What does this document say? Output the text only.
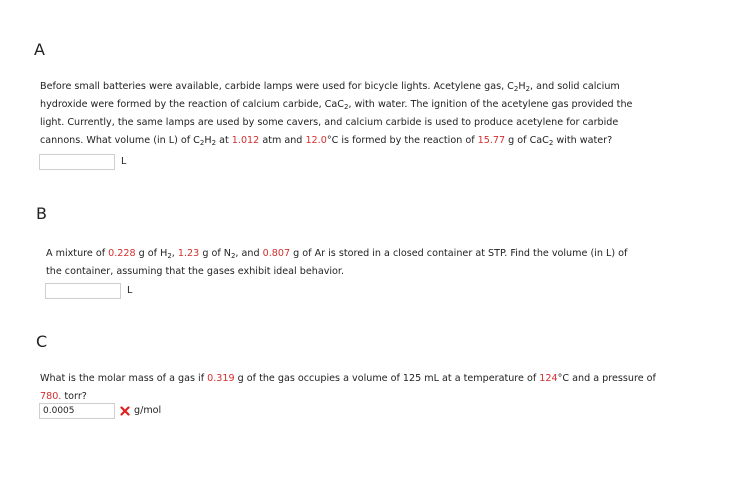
A
Before small batteries were available, carbide lamps were used for bicycle lights. Acetylene gas, $C_2H_2$, and solid calcium
hydroxide were formed by the reaction of calcium carbide, CaC$_2$, with water. The ignition of the acetylene gas provided the
light. Currently, the same lamps are used by some cavers, and calcium carbide is used to produce acetylene for carbide
cannons. What volume (in L) of $C_2H_2$ at 1.012 atm and 12.0°C is formed by the reaction of 15.77 g of CaC$_2$ with water?
L
B
A mixture of 0.228 g of $H_2$, 1.23 g of $N_2$, and 0.807 g of Ar is stored in a closed container at STP. Find the volume (in L) of
the container, assuming that the gases exhibit ideal behavior.
L
C
What is the molar mass of a gas if 0.319 g of the gas occupies a volume of 125 mL at a temperature of 124°C and a pressure of
780. torr?
0.0005
g/mol
